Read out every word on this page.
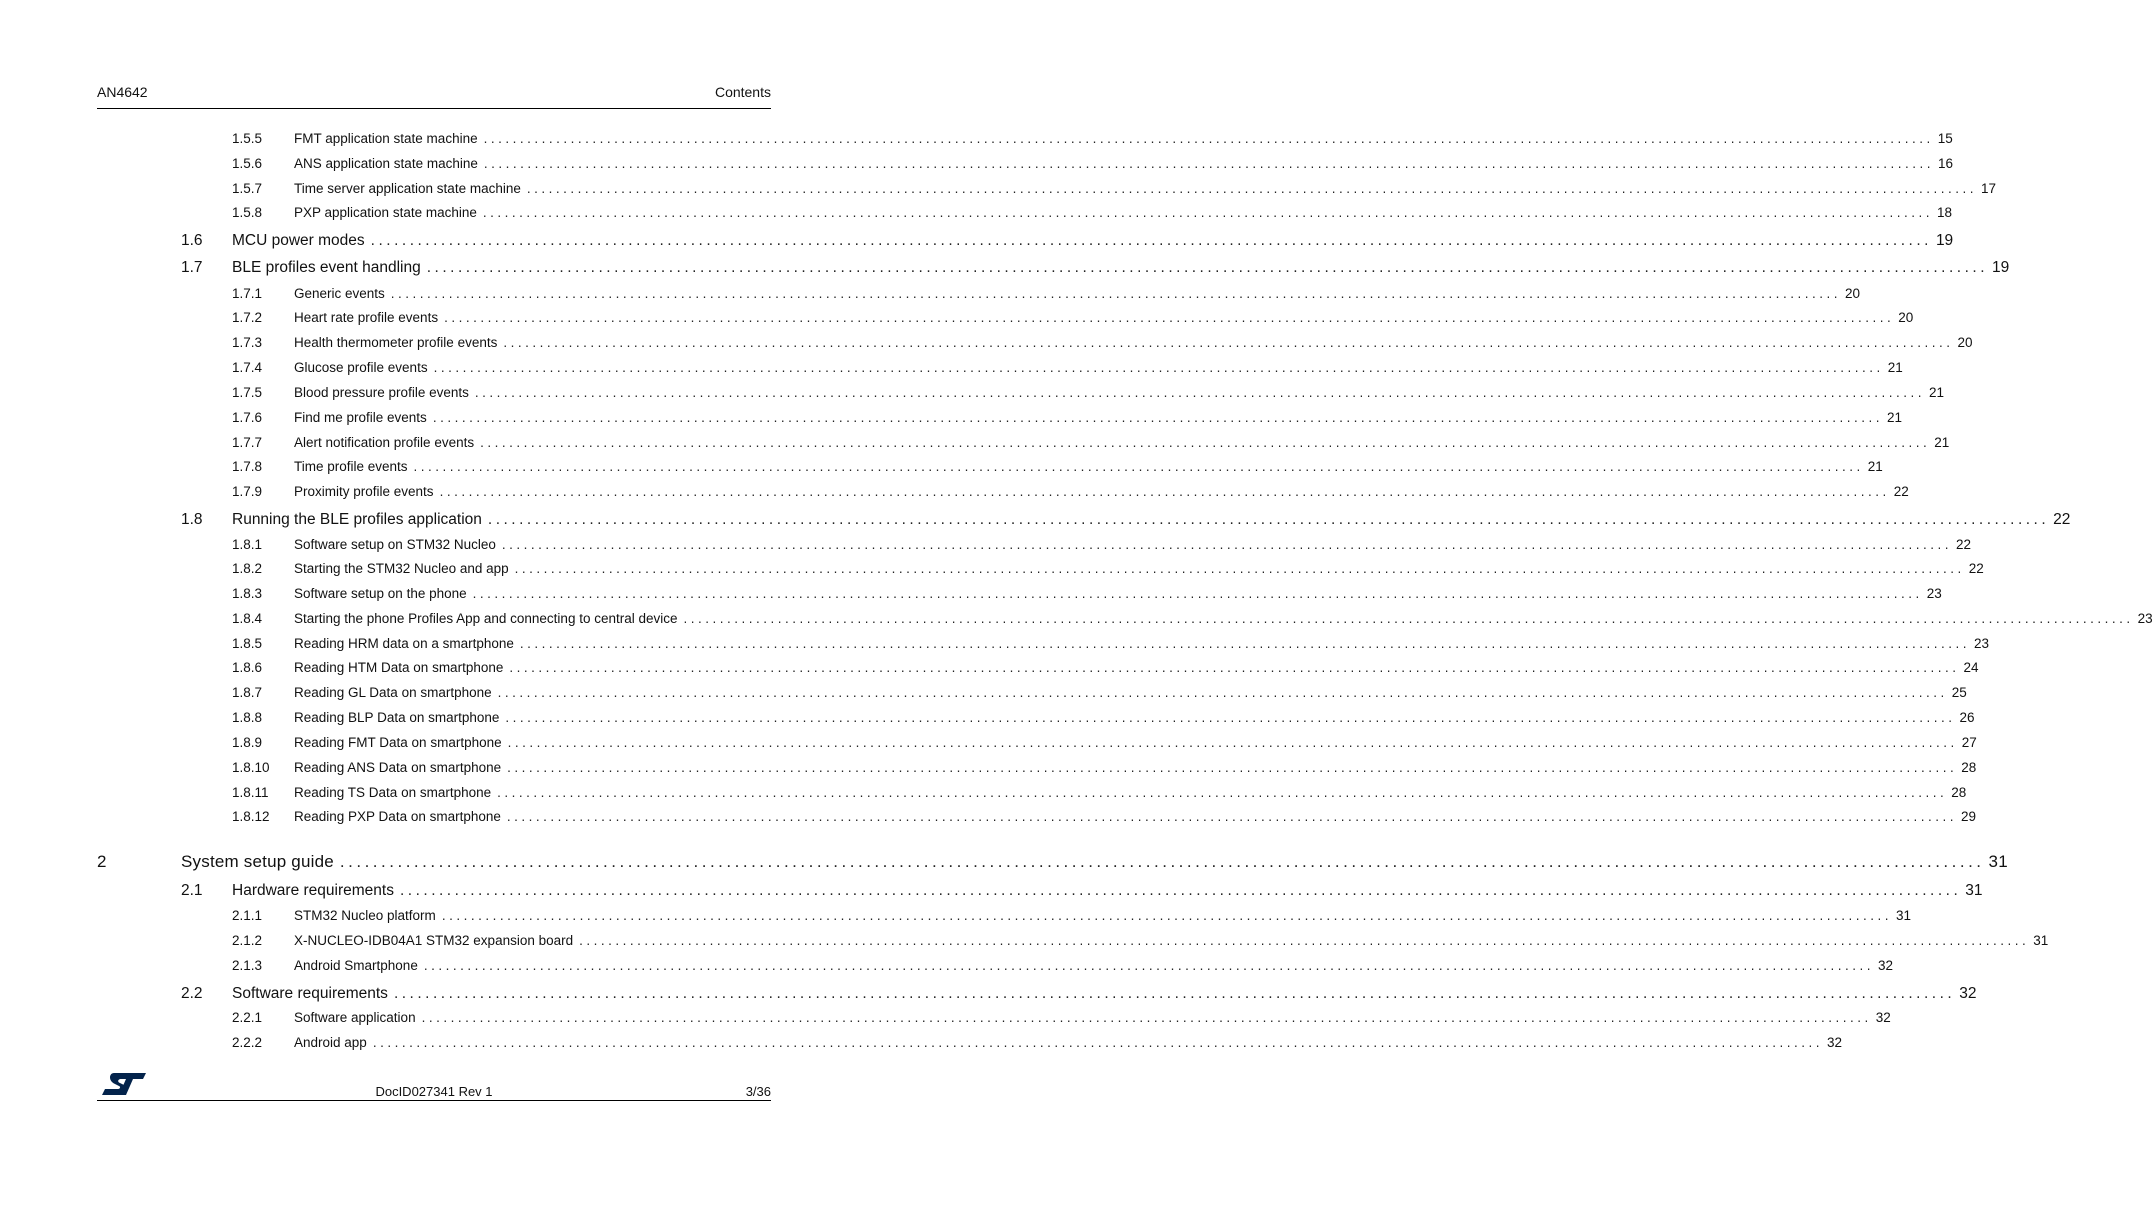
AN4642	Contents
1.5.5 FMT application state machine ........................................................................................................................................................................................................ 15
1.5.6 ANS application state machine ........................................................................................................................................................................................................ 16
1.5.7 Time server application state machine ........................................................................................................................................................................................................ 17
1.5.8 PXP application state machine ........................................................................................................................................................................................................ 18
1.6 MCU power modes ........................................................................................................................................................................................................ 19
1.7 BLE profiles event handling ........................................................................................................................................................................................................ 19
1.7.1 Generic events ........................................................................................................................................................................................................ 20
1.7.2 Heart rate profile events ........................................................................................................................................................................................................ 20
1.7.3 Health thermometer profile events ........................................................................................................................................................................................................ 20
1.7.4 Glucose profile events ........................................................................................................................................................................................................ 21
1.7.5 Blood pressure profile events ........................................................................................................................................................................................................ 21
1.7.6 Find me profile events ........................................................................................................................................................................................................ 21
1.7.7 Alert notification profile events ........................................................................................................................................................................................................ 21
1.7.8 Time profile events ........................................................................................................................................................................................................ 21
1.7.9 Proximity profile events ........................................................................................................................................................................................................ 22
1.8 Running the BLE profiles application ........................................................................................................................................................................................................ 22
1.8.1 Software setup on STM32 Nucleo ........................................................................................................................................................................................................ 22
1.8.2 Starting the STM32 Nucleo and app ........................................................................................................................................................................................................ 22
1.8.3 Software setup on the phone ........................................................................................................................................................................................................ 23
1.8.4 Starting the phone Profiles App and connecting to central device ........................................................................................................................................................................................................ 23
1.8.5 Reading HRM data on a smartphone ........................................................................................................................................................................................................ 23
1.8.6 Reading HTM Data on smartphone ........................................................................................................................................................................................................ 24
1.8.7 Reading GL Data on smartphone ........................................................................................................................................................................................................ 25
1.8.8 Reading BLP Data on smartphone ........................................................................................................................................................................................................ 26
1.8.9 Reading FMT Data on smartphone ........................................................................................................................................................................................................ 27
1.8.10 Reading ANS Data on smartphone ........................................................................................................................................................................................................ 28
1.8.11 Reading TS Data on smartphone ........................................................................................................................................................................................................ 28
1.8.12 Reading PXP Data on smartphone ........................................................................................................................................................................................................ 29
2	System setup guide ........................................................................................................................................................................................................ 31
2.1 Hardware requirements ........................................................................................................................................................................................................ 31
2.1.1 STM32 Nucleo platform ........................................................................................................................................................................................................ 31
2.1.2 X-NUCLEO-IDB04A1 STM32 expansion board ........................................................................................................................................................................................................ 31
2.1.3 Android Smartphone ........................................................................................................................................................................................................ 32
2.2 Software requirements ........................................................................................................................................................................................................ 32
2.2.1 Software application ........................................................................................................................................................................................................ 32
2.2.2 Android app ........................................................................................................................................................................................................ 32
DocID027341 Rev 1	3/36
